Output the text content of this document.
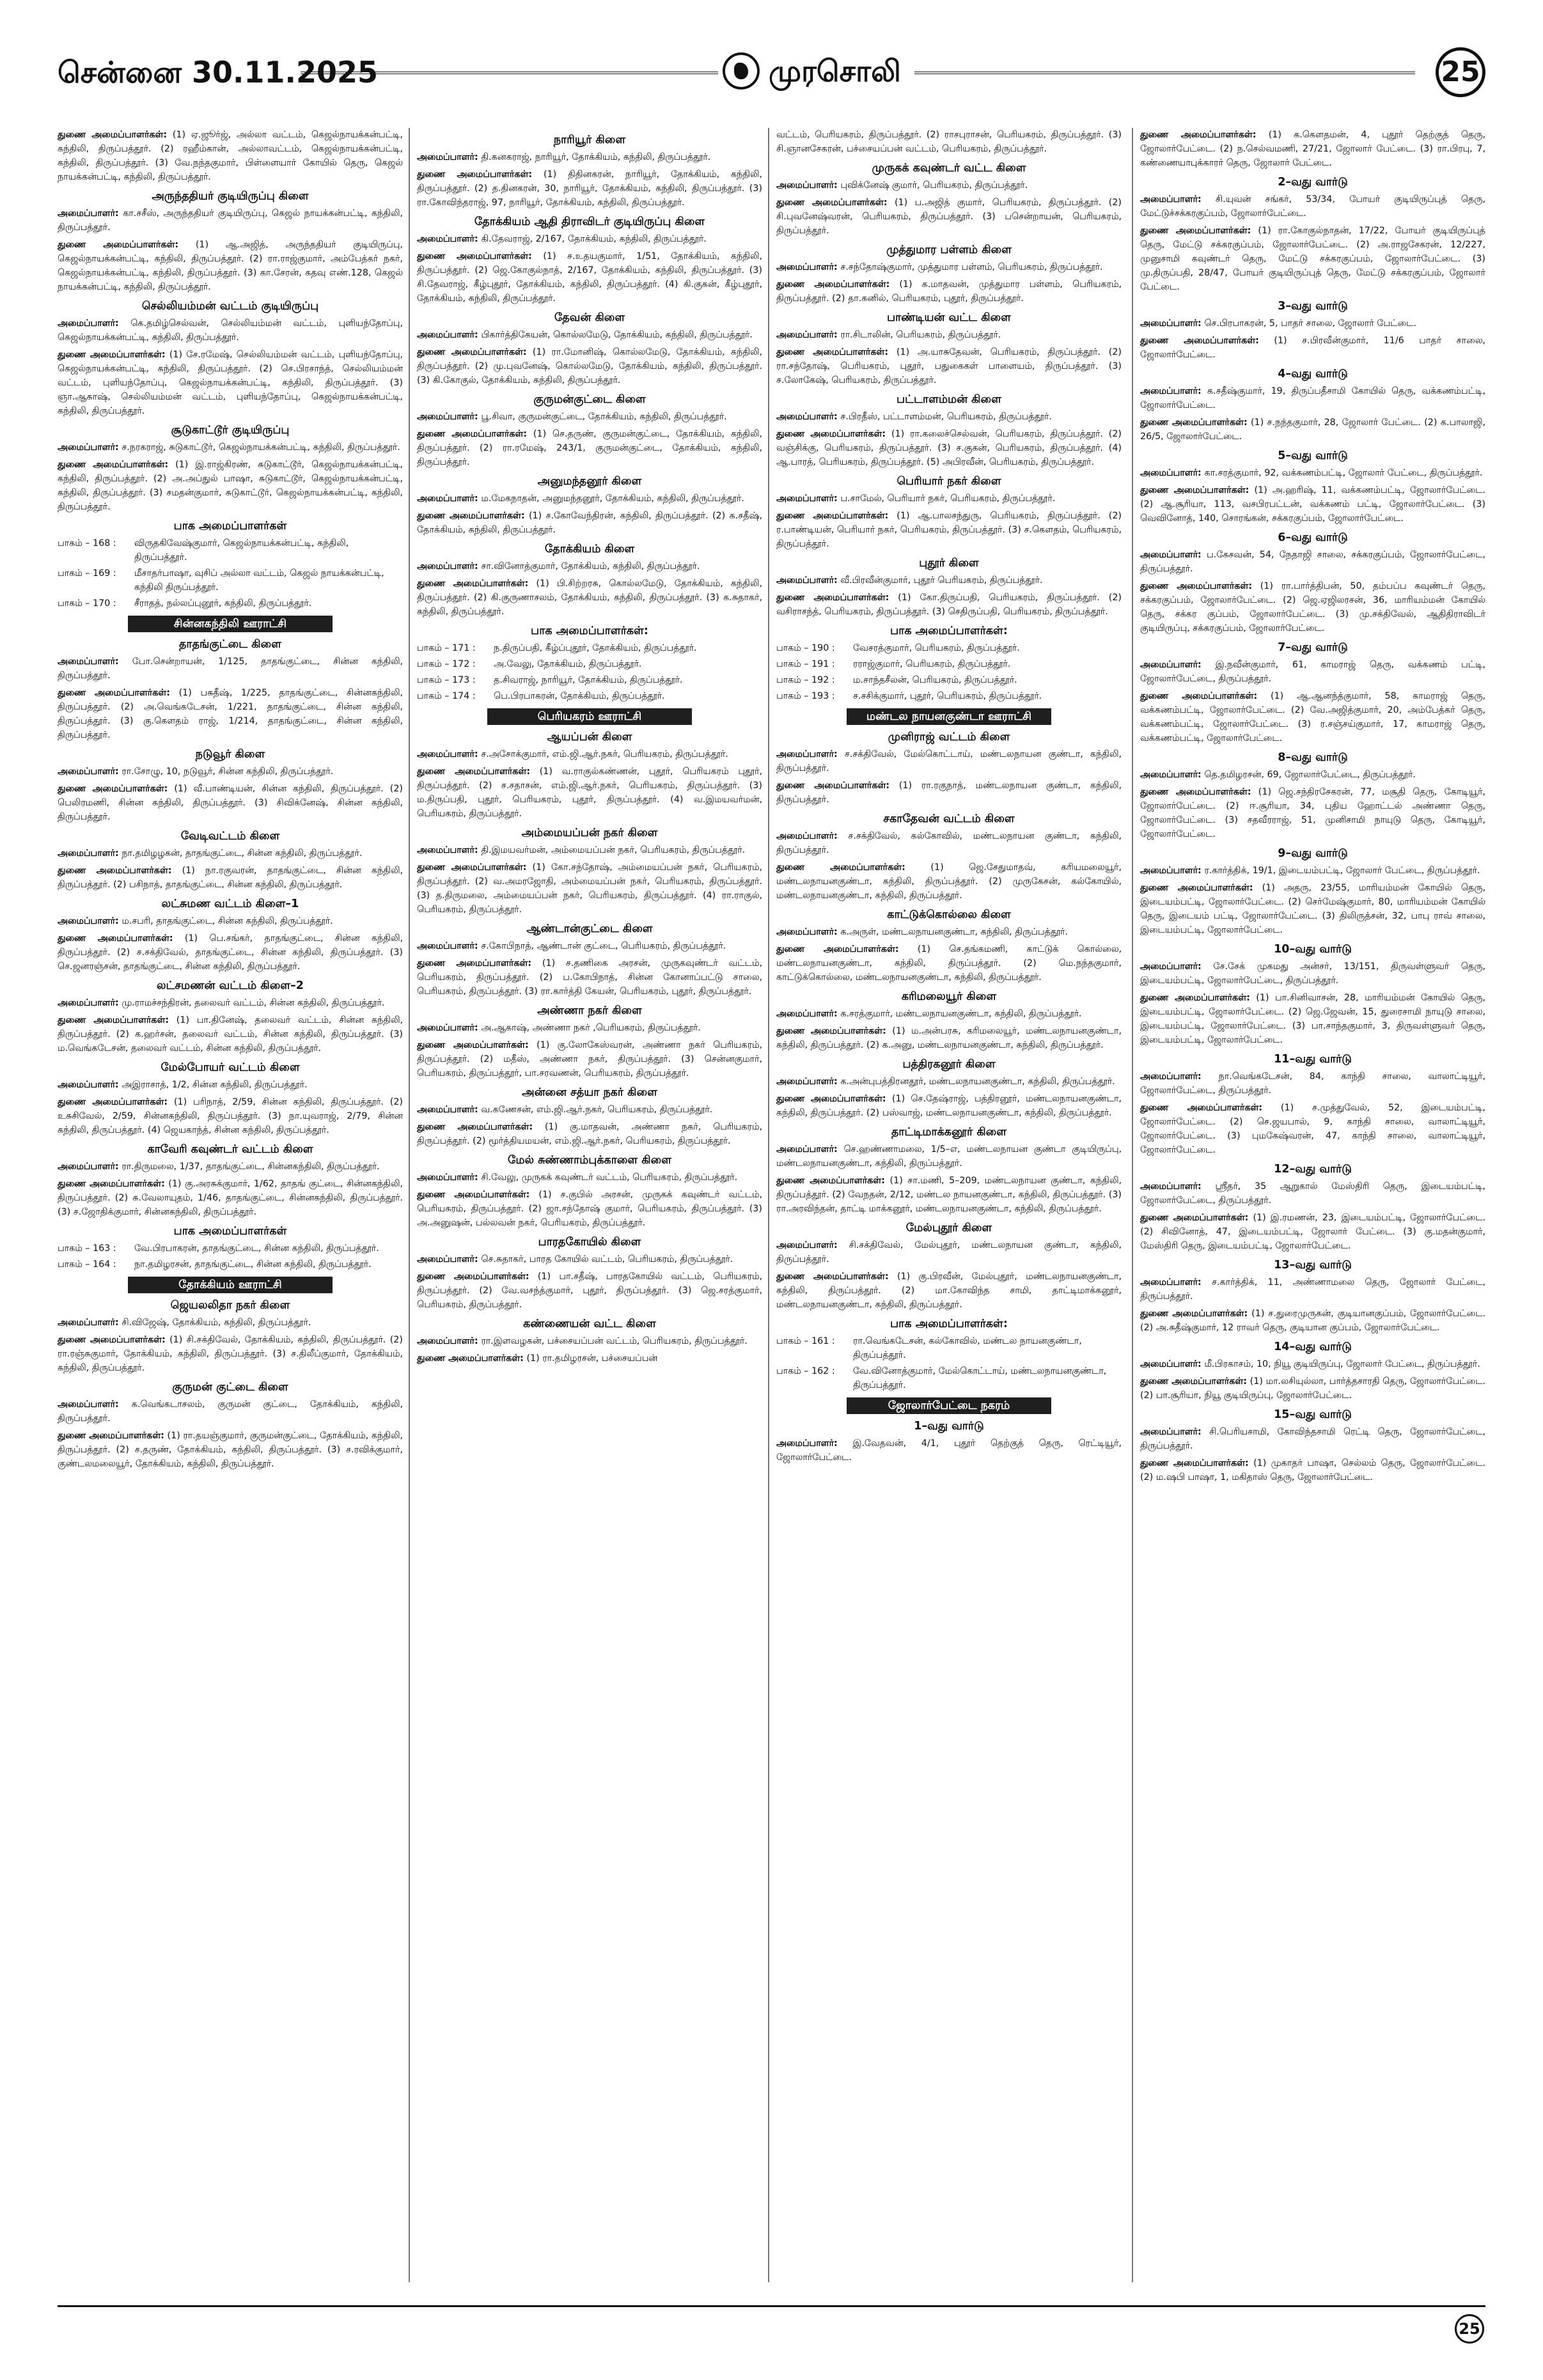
சென்னை 30.11.2025	முரசொலி	25
துணை அமைப்பாளர்கள்: (1) ஏ.ஜூர்ஜ், அல்லா வட்டம், கெஜல்நாயக்கன்பட்டி, கந்திலி, திருப்பத்தூர். (2) ரஹீம்கான், அல்லாவட்டம், கெஜல்நாயக்கன்பட்டி, கந்திலி, திருப்பத்தூர். (3) வே.நந்தகுமார், பிள்ளையார் கோயில் தெரு, கெஜல் நாயக்கன்பட்டி, கந்திலி, திருப்பத்தூர்.
அருந்ததியர் குடியிருப்பு கிளை
அமைப்பாளர்: கா.சசீஸ், அருந்ததியர் குடியிருப்பு, கெஜல் நாயக்கன்பட்டி, கந்திலி, திருப்பத்தூர்.
துணை அமைப்பாளர்கள்: (1) ஆ.அஜித், அருந்ததியர் குடியிருப்பு, கெஜல்நாயக்கன்பட்டி, கந்திலி, திருப்பத்தூர். (2) ரா.ராஜ்குமார், அம்பேத்கர் நகர், கெஜல்நாயக்கன்பட்டி, கந்திலி, திருப்பத்தூர். (3) கா.சேரன், கதவு எண்.128, கெஜல் நாயக்கன்பட்டி, கந்திலி, திருப்பத்தூர்.
செல்லியம்மன் வட்டம் குடியிருப்பு
அமைப்பாளர்: கெ.தமிழ்செல்வன், செல்லியம்மன் வட்டம், புளியந்தோப்பு, கெஜல்நாயக்கன்பட்டி, கந்திலி, திருப்பத்தூர்.
துணை அமைப்பாளர்கள்: (1) சே.ரமேஷ், செல்லியம்மன் வட்டம், புளியந்தோப்பு, கெஜல்நாயக்கன்பட்டி, கந்திலி, திருப்பத்தூர். (2) செ.பிரசாந்த், செல்லியம்மன் வட்டம், புளியந்தோப்பு, கெஜல்நாயக்கன்பட்டி, கந்திலி, திருப்பத்தூர். (3) ஞா.ஆகாஷ், செல்லியம்மன் வட்டம், புளியந்தோப்பு, கெஜல்நாயக்கன்பட்டி, கந்திலி, திருப்பத்தூர்.
சூடுகாட்டூர் குடியிருப்பு
அமைப்பாளர்: ச.நரகராஜ், சுடுகாட்டூர், கெஜல்நாயக்கன்பட்டி, கந்திலி, திருப்பத்தூர்.
துணை அமைப்பாளர்கள்: (1) இ.ராஜ்கிரண், சுடுகாட்டூர், கெஜல்நாயக்கன்பட்டி, கந்திலி, திருப்பத்தூர். (2) அ.அப்துல் பாஷா, சுடுகாட்டூர், கெஜல்நாயக்கன்பட்டி, கந்திலி, திருப்பத்தூர். (3) சமதன்குமார், சுடுகாட்டூர், கெஜல்நாயக்கன்பட்டி, கந்திலி, திருப்பத்தூர்.
பாக அமைப்பாளர்கள்
பாகம் – 168 :	விருதகிவேஷ்குமார், கெஜல்நாயக்கன்பட்டி, கந்திலி, திருப்பத்தூர்.
பாகம் – 169 :	மீசாதர்பாஷா, வுசிப் அல்லா வட்டம், கெஜல் நாயக்கன்பட்டி, கந்திலி திருப்பத்தூர்.
பாகம் – 170 :	சீராதத், நல்லப்புனூர், கந்திலி, திருப்பத்தூர்.
சின்னகந்திலி ஊராட்சி
தாதங்குட்டை கிளை
அமைப்பாளர்: போ.சென்றாயன், 1/125, தாதங்குட்டை, சின்ன கந்திலி, திருப்பத்தூர்.
துணை அமைப்பாளர்கள்: (1) பசுதீஷ், 1/225, தாதங்குட்டை, சின்னகந்திலி, திருப்பத்தூர். (2) அ.வெங்கடேசன், 1/221, தாதங்குட்டை, சின்ன கந்திலி, திருப்பத்தூர். (3) கு.கௌதம் ராஜ், 1/214, தாதங்குட்டை, சின்ன கந்திலி, திருப்பத்தூர்.
நடுவூர் கிளை
அமைப்பாளர்: ரா.சோழு, 10, நடுவூர், சின்ன கந்திலி, திருப்பத்தூர்.
துணை அமைப்பாளர்கள்: (1) வீ.பாண்டியன், சின்ன கந்திலி, திருப்பத்தூர். (2) பெலிரமணி, சின்ன கந்திலி, திருப்பத்தூர். (3) சிவிக்னேஷ், சின்ன கந்திலி, திருப்பத்தூர்.
வேடிவட்டம் கிளை
அமைப்பாளர்: நா.தமிழழகன், தாதங்குட்டை, சின்ன கந்திலி, திருப்பத்தூர்.
துணை அமைப்பாளர்கள்: (1) நா.ரகுவரன், தாதங்குட்டை, சின்ன கந்திலி, திருப்பத்தூர். (2) பசிநாத், தாதங்குட்டை, சின்ன கந்திலி, திருப்பத்தூர்.
லட்சுமண வட்டம் கிளை–1
அமைப்பாளர்: ம.சபரி, தாதங்குட்டை, சின்ன கந்திலி, திருப்பத்தூர்.
துணை அமைப்பாளர்கள்: (1) பெ.சங்கர், தாதங்குட்டை, சின்ன கந்திலி, திருப்பத்தூர். (2) ச.சக்திவேல், தாதங்குட்டை, சின்ன கந்திலி, திருப்பத்தூர். (3) செ.ஜனரஞ்சன், தாதங்குட்டை, சின்ன கந்திலி, திருப்பத்தூர்.
லட்சமணன் வட்டம் கிளை–2
அமைப்பாளர்: மு.ராமச்சந்திரன், தலைவர் வட்டம், சின்ன கந்திலி, திருப்பத்தூர்.
துணை அமைப்பாளர்கள்: (1) பா.தினேஷ், தலைவர் வட்டம், சின்ன கந்திலி, திருப்பத்தூர். (2) க.ஹர்சன், தலைவர் வட்டம், சின்ன கந்திலி, திருப்பத்தூர். (3) ம.வெங்கடேசன், தலைவர் வட்டம், சின்ன கந்திலி, திருப்பத்தூர்.
மேல்போயர் வட்டம் கிளை
அமைப்பாளர்: அஇராசாத், 1/2, சின்ன கந்திலி, திருப்பத்தூர்.
துணை அமைப்பாளர்கள்: (1) பரிநாத், 2/59, சின்ன கந்திலி, திருப்பத்தூர். (2) உசுசிவேல், 2/59, சின்னகந்திலி, திருப்பத்தூர். (3) நா.யுவராஜ், 2/79, சின்ன கந்திலி, திருப்பத்தூர். (4) ஜெயகாந்த், சின்ன கந்திலி, திருப்பத்தூர்.
காவேரி கவுண்டர் வட்டம் கிளை
அமைப்பாளர்: ரா.திருமலை, 1/37, தாதங்குட்டை, சின்னகந்திலி, திருப்பத்தூர்.
துணை அமைப்பாளர்கள்: (1) கு.அரசுக்குமார், 1/62, தாதங் குட்டை, சின்னகந்திலி, திருப்பத்தூர். (2) சு.வேலாயுதம், 1/46, தாதங்குட்டை, சின்னகந்திலி, திருப்பத்தூர். (3) ச.ஜோதிக்குமார், சின்னகந்திலி, திருப்பத்தூர்.
பாக அமைப்பாளர்கள்
பாகம் – 163 :	வே.பிரபாகரன், தாதங்குட்டை, சின்ன கந்திலி, திருப்பத்தூர்.
பாகம் – 164 :	நா.தமிழரசன், தாதங்குட்டை, சின்ன கந்திலி, திருப்பத்தூர்.
தோக்கியம் ஊராட்சி
ஜெயலலிதா நகர் கிளை
அமைப்பாளர்: சி.விஜேஷ், தோக்கியம், கந்திலி, திருப்பத்தூர்.
துணை அமைப்பாளர்கள்: (1) சி.சக்திவேல், தோக்கியம், கந்திலி, திருப்பத்தூர். (2) ரா.ரஞ்சுகுமார், தோக்கியம், கந்திலி, திருப்பத்தூர். (3) ச.திலீப்குமார், தோக்கியம், கந்திலி, திருப்பத்தூர்.
குருமன் குட்டை கிளை
அமைப்பாளர்: க.வெங்கடாசலம், குருமன் குட்டை, தோக்கியம், கந்திலி, திருப்பத்தூர்.
துணை அமைப்பாளர்கள்: (1) ரா.தயஞ்குமார், குருமன்குட்டை, தோக்கியம், கந்திலி, திருப்பத்தூர். (2) ச.தருண், தோக்கியம், கந்திலி, திருப்பத்தூர். (3) ச.ரவிக்குமார், குண்டலமலையூர், தோக்கியம், கந்திலி, திருப்பத்தூர்.
நாரியூர் கிளை
அமைப்பாளர்: தி.கனகராஜ், நாரியூர், தோக்கியம், கந்திலி, திருப்பத்தூர்.
துணை அமைப்பாளர்கள்: (1) திதினகரன், நாரியூர், தோக்கியம், கந்திலி, திருப்பத்தூர். (2) த.தினகரன், 30, நாரியூர், தோக்கியம், கந்திலி, திருப்பத்தூர். (3) ரா.கோவிந்தராஜ், 97, நாரியூர், தோக்கியம், கந்திலி, திருப்பத்தூர்.
தோக்கியம் ஆதி திராவிடர் குடியிருப்பு கிளை
அமைப்பாளர்: கி.தேவராஜ், 2/167, தோக்கியம், கந்திலி, திருப்பத்தூர்.
துணை அமைப்பாளர்கள்: (1) ச.உதயகுமார், 1/51, தோக்கியம், கந்திலி, திருப்பத்தூர். (2) ஜெ.கோகுல்நாத், 2/167, தோக்கியம், கந்திலி, திருப்பத்தூர். (3) சி.தேவராஜ், கீழ்புதூர், தோக்கியம், கந்திலி, திருப்பத்தூர். (4) கி.குகன், கீழ்புதூர், தோக்கியம், கந்திலி, திருப்பத்தூர்.
தேவன் கிளை
அமைப்பாளர்: பிகார்த்திகேயன், கொல்லமேடு, தோக்கியம், கந்திலி, திருப்பத்தூர்.
துணை அமைப்பாளர்கள்: (1) ரா.மோனிஷ், கொல்லமேடு, தோக்கியம், கந்திலி, திருப்பத்தூர். (2) மு.புவனேஷ், கொல்லமேடு, தோக்கியம், கந்திலி, திருப்பத்தூர். (3) கி.கோகுல், தோக்கியம், கந்திலி, திருப்பத்தூர்.
குருமன்குட்டை கிளை
அமைப்பாளர்: பூ.சிவா, குருமன்குட்டை, தோக்கியம், கந்திலி, திருப்பத்தூர்.
துணை அமைப்பாளர்கள்: (1) செ.தருண், குருமன்குட்டை, தோக்கியம், கந்திலி, திருப்பத்தூர். (2) ரா.ரமேஷ், 243/1, குருமன்குட்டை, தோக்கியம், கந்திலி, திருப்பத்தூர்.
அனுமந்தனூர் கிளை
அமைப்பாளர்: ம.மேகநாதன், அனுமந்தனூர், தோக்கியம், கந்திலி, திருப்பத்தூர்.
துணை அமைப்பாளர்கள்: (1) ச.கோவேந்திரன், கந்திலி, திருப்பத்தூர். (2) க.சதீஷ், தோக்கியம், கந்திலி, திருப்பத்தூர்.
தோக்கியம் கிளை
அமைப்பாளர்: சா.வினோத்குமார், தோக்கியம், கந்திலி, திருப்பத்தூர்.
துணை அமைப்பாளர்கள்: (1) பி.சிற்றரசு, கொல்லமேடு, தோக்கியம், கந்திலி, திருப்பத்தூர். (2) கி.குருணாசலம், தோக்கியம், கந்திலி, திருப்பத்தூர். (3) க.சுதாகர், கந்திலி, திருப்பத்தூர்.
பாக அமைப்பாளர்கள்:
பாகம் – 171 :	ந.திருப்பதி, கீழ்ப்புதூர், தோக்கியம், திருப்பத்தூர்.
பாகம் – 172 :	அ.வேலு, தோக்கியம், திருப்பத்தூர்.
பாகம் – 173 :	த.சிவராஜ், நாரியூர், தோக்கியம், திருப்பத்தூர்.
பாகம் – 174 :	பெ.பிரபாகரன், தோக்கியம், திருப்பத்தூர்.
பெரியகரம் ஊராட்சி
ஆயப்பன் கிளை
அமைப்பாளர்: ச.அசோக்குமார், எம்.ஜி.ஆர்.நகர், பெரியகரம், திருப்பத்தூர்.
துணை அமைப்பாளர்கள்: (1) வ.ராகுல்கண்ணன், புதூர், பெரியகரம் புதூர், திருப்பத்தூர். (2) ச.சதாசன், எம்.ஜி.ஆர்.நகர், பெரியகரம், திருப்பத்தூர். (3) ம.திருப்பதி, புதூர், பெரியகரம், புதூர், திருப்பத்தூர். (4) வ.இமயவர்மன், பெரியகரம், திருப்பத்தூர்.
அம்மையப்பன் நகர் கிளை
அமைப்பாளர்: தி.இமயவர்மன், அம்மையப்பன் நகர், பெரியகரம், திருப்பத்தூர்.
துணை அமைப்பாளர்கள்: (1) கோ.சந்தோஷ், அம்மையப்பன் நகர், பெரியகரம், திருப்பத்தூர். (2) வ.அமரஜோதி, அம்மையப்பன் நகர், பெரியகரம், திருப்பத்தூர். (3) த.திருமலை, அம்மையப்பன் நகர், பெரியகரம், திருப்பத்தூர். (4) ரா.ராகுல், பெரியகரம், திருப்பத்தூர்.
ஆண்டான்குட்டை கிளை
அமைப்பாளர்: ச.கோபிநாத், ஆண்டான் குட்டை, பெரியகரம், திருப்பத்தூர்.
துணை அமைப்பாளர்கள்: (1) ச.தணிகை அரசன், முருகவுண்டர் வட்டம், பெரியகரம், திருப்பத்தூர். (2) ப.கோபிநாத், சின்ன கோனாப்பட்டு சாலை, பெரியகரம், திருப்பத்தூர். (3) ரா.கார்த்தி கேயன், பெரியகரம், புதூர், திருப்பத்தூர்.
அண்ணா நகர் கிளை
அமைப்பாளர்: அ.ஆகாஷ், அண்ணா நகர் ,பெரியகரம், திருப்பத்தூர்.
துணை அமைப்பாளர்கள்: (1) கு.லோகேஸ்வரன், அண்ணா நகர் பெரியகரம், திருப்பத்தூர். (2) மதீஸ், அண்ணா நகர், திருப்பத்தூர். (3) சென்னகுமார், பெரியகரம், திருப்பத்தூர், பா.சரவணன், பெரியகரம், திருப்பத்தூர்.
அன்னை சத்யா நகர் கிளை
அமைப்பாளர்: வ.கணேசன், எம்.ஜி.ஆர்.நகர், பெரியகரம், திருப்பத்தூர்.
துணை அமைப்பாளர்கள்: (1) கு.மாதவன், அண்ணா நகர், பெரியகரம், திருப்பத்தூர். (2) மூர்த்தியமயன், எம்.ஜி.ஆர்.நகர், பெரியகரம், திருப்பத்தூர்.
மேல் சுண்ணாம்புக்காளை கிளை
அமைப்பாளர்: சி.வேலு, முருகக் கவுண்டர் வட்டம், பெரியகரம், திருப்பத்தூர்.
துணை அமைப்பாளர்கள்: (1) ச.குபில் அரசன், முருகக் கவுண்டர் வட்டம், பெரியகரம், திருப்பத்தூர். (2) ஜா.சந்தோஷ் குமார், பெரியகரம், திருப்பத்தூர். (3) அ.அனுஷன், பல்லவன் நகர், பெரியகரம், திருப்பத்தூர்.
பாரதகோயில் கிளை
அமைப்பாளர்: செ.சுதாகர், பாரத கோயில் வட்டம், பெரியகரம், திருப்பத்தூர்.
துணை அமைப்பாளர்கள்: (1) பா.சதீஷ், பாரதகோயில் வட்டம், பெரியகரம், திருப்பத்தூர். (2) வே.வசந்த்குமார், புதூர், திருப்பத்தூர். (3) ஜெ.சரத்குமார், பெரியகரம், திருப்பத்தூர்.
கண்ணையன் வட்ட கிளை
அமைப்பாளர்: ரா.இளவழகன், பச்சையப்பன் வட்டம், பெரியகரம், திருப்பத்தூர்.
துணை அமைப்பாளர்கள்: (1) ரா.தமிழரசன், பச்சையப்பன்
வட்டம், பெரியகரம், திருப்பத்தூர். (2) ராசபுராசன், பெரியகரம், திருப்பத்தூர். (3) சி.ஞானசேகரன், பச்சையப்பன் வட்டம், பெரியகரம், திருப்பத்தூர்.
முருகக் கவுண்டர் வட்ட கிளை
அமைப்பாளர்: புவிக்னேஷ் குமார், பெரியகரம், திருப்பத்தூர்.
துணை அமைப்பாளர்கள்: (1) ப.அஜித் குமார், பெரியகரம், திருப்பத்தூர். (2) சி.புவனேஷ்வரன், பெரியகரம், திருப்பத்தூர். (3) பசென்றாயன், பெரியகரம், திருப்பத்தூர்.
முத்துமார பள்ளம் கிளை
அமைப்பாளர்: ச.சந்தோஷ்குமார், முத்துமார பள்ளம், பெரியகரம், திருப்பத்தூர்.
துணை அமைப்பாளர்கள்: (1) க.மாதவன், முத்துமார பள்ளம், பெரியகரம், திருப்பத்தூர். (2) தா.கனில், பெரியகரம், புதூர், திருப்பத்தூர்.
பாண்டியன் வட்ட கிளை
அமைப்பாளர்: ரா.சிடாலின், பெரியகரம், திருப்பத்தூர்.
துணை அமைப்பாளர்கள்: (1) அ.யாசுதேவன், பெரியகரம், திருப்பத்தூர். (2) ரா.சந்தோஷ், பெரியகரம், புதூர், பதுகைகள் பாளையம், திருப்பத்தூர். (3) ச.லோகேஷ், பெரியகரம், திருப்பத்தூர்.
பட்டாளம்மன் கிளை
அமைப்பாளர்: ச.பிரதீஸ், பட்டாளம்மன், பெரியகரம், திருப்பத்தூர்.
துணை அமைப்பாளர்கள்: (1) ரா.கலைச்செல்வன், பெரியகரம், திருப்பத்தூர். (2) வஞ்சிக்கு, பெரியகரம், திருப்பத்தூர். (3) ச.குகன், பெரியகரம், திருப்பத்தூர். (4) ஆ.பாரத், பெரியகரம், திருப்பத்தூர். (5) அபிரவீன், பெரியகரம், திருப்பத்தூர்.
பெரியார் நகர் கிளை
அமைப்பாளர்: ப.சாமேல், பெரியார் நகர், பெரியகரம், திருப்பத்தூர்.
துணை அமைப்பாளர்கள்: (1) ஆ.பாலசந்துரு, பெரியகரம், திருப்பத்தூர். (2) ர.பாண்டியன், பெரியார் நகர், பெரியகரம், திருப்பத்தூர். (3) ச.கௌதம், பெரியகரம், திருப்பத்தூர்.
புதூர் கிளை
அமைப்பாளர்: வீ.பிரவீன்குமார், புதூர் பெரியகரம், திருப்பத்தூர்.
துணை அமைப்பாளர்கள்: (1) கோ.திருப்பதி, பெரியகரம், திருப்பத்தூர். (2) வசிராசந்த், பெரியகரம், திருப்பத்தூர். (3) செதிருப்பதி, பெரியகரம், திருப்பத்தூர்.
பாக அமைப்பாளர்கள்:
பாகம் – 190 :	வேசரத்குமார், பெரியகரம், திருப்பத்தூர்.
பாகம் – 191 :	ரராஜ்குமார், பெரியகரம், திருப்பத்தூர்.
பாகம் – 192 :	ம.சாந்தசீலன், பெரியகரம், திருப்பத்தூர்.
பாகம் – 193 :	ச.சசிக்குமார், புதூர், பெரியகரம், திருப்பத்தூர்.
மண்டல நாயனகுண்டா ஊராட்சி
முனிராஜ் வட்டம் கிளை
அமைப்பாளர்: ச.சக்திவேல், மேல்கொட்டாய், மண்டலநாயன குண்டா, கந்திலி, திருப்பத்தூர்.
துணை அமைப்பாளர்கள்: (1) ரா.ரகுநாத், மண்டலநாயன குண்டா, கந்திலி, திருப்பத்தூர்.
சகாதேவன் வட்டம் கிளை
அமைப்பாளர்: ச.சக்திவேல், கல்கோவில், மண்டலநாயன குண்டா, கந்திலி, திருப்பத்தூர்.
துணை அமைப்பாளர்கள்:	(1) ஜெ.சேதுமாதவ், கரியமலையூர், மண்டலநாயனகுண்டா, கந்திலி, திருப்பத்தூர். (2) முருகேசன், கல்கோயில், மண்டலநாயனகுண்டா, கந்திலி, திருப்பத்தூர்.
காட்டுக்கொல்லை கிளை
அமைப்பாளர்: க.அருள், மண்டலநாயனகுண்டா, கந்திலி, திருப்பத்தூர்.
துணை அமைப்பாளர்கள்: (1) செ.தங்கமணி, காட்டுக் கொல்லை, மண்டலநாயனகுண்டா, கந்திலி, திருப்பத்தூர். (2) மெ.நந்தகுமார், காட்டுக்கொல்லை, மண்டலநாயனகுண்டா, கந்திலி, திருப்பத்தூர்.
கரிமலையூர் கிளை
அமைப்பாளர்: க.சரத்குமார், மண்டலநாயனகுண்டா, கந்திலி, திருப்பத்தூர்.
துணை அமைப்பாளர்கள்: (1) ம.அன்பரசு, கரிமலையூர், மண்டலநாயனகுண்டா, கந்திலி, திருப்பத்தூர். (2) க.அனு, மண்டலநாயனகுண்டா, கந்திலி, திருப்பத்தூர்.
பத்திரகனூர் கிளை
அமைப்பாளர்: க.அன்புபத்திரனதூர், மண்டலநாயனகுண்டா, கந்திலி, திருப்பத்தூர்.
துணை அமைப்பாளர்கள்: (1) செ.தேஷ்ராஜ், பத்திரனூர், மண்டலநாயனகுண்டா, கந்திலி, திருப்பத்தூர். (2) பஸ்வாஜ், மண்டலநாயனகுண்டா, கந்திலி, திருப்பத்தூர்.
தாட்டிமாக்கனூர் கிளை
அமைப்பாளர்: செ.ஹண்ணாமலை, 1/5–எ, மண்டலநாயன குண்டா குடியிருப்பு, மண்டலநாயனகுண்டா, கந்திலி, திருப்பத்தூர்.
துணை அமைப்பாளர்கள்: (1) சா.மணி, 5–209, மண்டலநாயன குண்டா, கந்திலி, திருப்பத்தூர். (2) வேநதன், 2/12, மண்டல நாயனகுண்டா, கந்திலி, திருப்பத்தூர். (3) ரா.அரவிந்தன், தாட்டி மாக்கனூர், மண்டலநாயனகுண்டா, கந்திலி, திருப்பத்தூர்.
மேல்புதூர் கிளை
அமைப்பாளர்: சி.சக்திவேல், மேல்புதூர், மண்டலநாயன குண்டா, கந்திலி, திருப்பத்தூர்.
துணை அமைப்பாளர்கள்: (1) கு.பிரவீன், மேல்புதூர், மண்டலநாயனகுண்டா, கந்திலி, திருப்பத்தூர். (2) மா.கோவிந்த சாமி, தாட்டிமாக்கனூர், மண்டலநாயனகுண்டா, கந்திலி, திருப்பத்தூர்.
பாக அமைப்பாளர்கள்:
பாகம் – 161 :	ரா.வெங்கடேசன், கல்கோவில், மண்டல நாயனகுண்டா, திருப்பத்தூர்.
பாகம் – 162 :	வே.வினோத்குமார், மேல்கொட்டாய், மண்டலநாயனகுண்டா, திருப்பத்தூர்.
ஜோலார்பேட்டை நகரம்
1–வது வார்டு
அமைப்பாளர்: இ.வேதவன், 4/1, புதூர் தெற்குத் தெரு, ரெட்டியூர், ஜோலார்பேட்டை.
துணை அமைப்பாளர்கள்: (1) க.கௌதமன், 4, புதூர் தெற்குத் தெரு, ஜோலார்பேட்டை. (2) ந.செல்வமணி, 27/21, ஜோலார் பேட்டை. (3) ரா.பிரபு, 7, கண்ணையாபுக்காரர் தெரு, ஜோலார் பேட்டை.
2–வது வார்டு
அமைப்பாளர்: சி.யுவன் சங்கர், 53/34, போயர் குடியிருப்புத் தெரு, மேட்டுச்சக்கரகுப்பம், ஜோலார்பேட்டை.
துணை அமைப்பாளர்கள்: (1) ரா.கோகுல்நாதன், 17/22, போயர் குடியிருப்புத் தெரு, மேட்டு சக்கரகுப்பம், ஜோலார்பேட்டை. (2) அ.ராஜசேகரன், 12/227, முனுசாமி கவுண்டர் தெரு, மேட்டு சக்கரகுப்பம், ஜோலார்பேட்டை. (3) மு.திருப்பதி, 28/47, போயர் குடியிருப்புத் தெரு, மேட்டு சக்கரகுப்பம், ஜோலார் பேட்டை.
3–வது வார்டு
அமைப்பாளர்: செ.பிரபாகரன், 5, பாதர் சாலை, ஜோலார் பேட்டை.
துணை அமைப்பாளர்கள்: (1) ச.பிரவீன்குமார், 11/6 பாதர் சாலை, ஜோலார்பேட்டை.
4–வது வார்டு
அமைப்பாளர்: க.சதீஷ்குமார், 19, திருப்பதீசாமி கோயில் தெரு, வக்கணம்பட்டி, ஜோலார்பேட்டை.
துணை அமைப்பாளர்கள்: (1) ச.நந்தகுமார், 28, ஜோலார் பேட்டை. (2) க.பாலாஜி, 26/5, ஜோலார்பேட்டை.
5–வது வார்டு
அமைப்பாளர்: கா.சரத்குமார், 92, வக்கணம்பட்டி, ஜோலார் பேட்டை, திருப்பத்தூர்.
துணை அமைப்பாளர்கள்: (1) அ.ஹரிஷ், 11, வக்கணம்பட்டி, ஜோலார்பேட்டை. (2) ஆ.சூரியா, 113, வசபிரபட்டன், வக்கணம் பட்டி, ஜோலார்பேட்டை. (3) வெவினோத், 140, சொரங்கன், சக்கரகுப்பம், ஜோலார்பேட்டை.
6–வது வார்டு
அமைப்பாளர்: ப.கேசவன், 54, நேதாஜி சாலை, சக்கரகுப்பம், ஜோலார்பேட்டை, திருப்பத்தூர்.
துணை அமைப்பாளர்கள்: (1) ரா.பார்த்திபன், 50, தம்பப்ப கவுண்டர் தெரு, சக்கரகுப்பம், ஜோலார்பேட்டை. (2) ஜெ.ஏஜிலரசன், 36, மாரியம்மன் கோயில் தெரு, சக்கர குப்பம், ஜோலார்பேட்டை. (3) மு.சக்திவேல், ஆதிதிராவிடர் குடியிருப்பு, சக்கரகுப்பம், ஜோலார்பேட்டை.
7–வது வார்டு
அமைப்பாளர்: இ.நவீன்குமார், 61, காமராஜ் தெரு, வக்கணம் பட்டி, ஜோலார்பேட்டை, திருப்பத்தூர்.
துணை அமைப்பாளர்கள்: (1) ஆ.ஆனந்த்குமார், 58, காமராஜ் தெரு, வக்கணம்பட்டி, ஜோலார்பேட்டை. (2) வே.அஜித்குமார், 20, அம்பேத்கர் தெரு, வக்கணம்பட்டி, ஜோலார்பேட்டை. (3) ர.சஞ்சய்குமார், 17, காமராஜ் தெரு, வக்கணம்பட்டி, ஜோலார்பேட்டை.
8–வது வார்டு
அமைப்பாளர்: தெ.தமிழரசன், 69, ஜோலார்பேட்டை, திருப்பத்தூர்.
துணை அமைப்பாளர்கள்: (1) ஜெ.சந்திரசேகரன், 77, மசூதி தெரு, கோடியூர், ஜோலார்பேட்டை. (2) ஈ.சூரியா, 34, புதிய ஹோட்டல் அண்ணா தெரு, ஜோலார்பேட்டை. (3) சதவீரராஜ், 51, முனிசாமி நாயுடு தெரு, கோடியூர், ஜோலார்பேட்டை.
9–வது வார்டு
அமைப்பாளர்: ர.கார்த்திக், 19/1, இடையம்பட்டி, ஜோலார் பேட்டை, திருப்பத்தூர்.
துணை அமைப்பாளர்கள்: (1) அதரு, 23/55, மாரியம்மன் கோயில் தெரு, இடையம்பட்டி, ஜோலார்பேட்டை. (2) செர்மேஷ்குமார், 80, மாரியம்மன் கோயில் தெரு, இடையம் பட்டி, ஜோலார்பேட்டை. (3) திலிருத்சன், 32, பாபு ராவ் சாலை, இடையம்பட்டி, ஜோலார்பேட்டை.
10–வது வார்டு
அமைப்பாளர்: சே.சேக் முகமது அன்சர், 13/151, திருவள்ளுவர் தெரு, இடையம்பட்டி, ஜோலார்பேட்டை, திருப்பத்தூர்.
துணை அமைப்பாளர்கள்: (1) பா.சினிவாசன், 28, மாரியம்மன் கோயில் தெரு, இடையம்பட்டி, ஜோலார்பேட்டை. (2) ஜெ.ஜேவன், 15, துரைசாமி நாயுடு சாலை, இடையம்பட்டி, ஜோலார்பேட்டை. (3) பா.சாந்தகுமார், 3, திருவள்ளுவர் தெரு, இடையம்பட்டி, ஜோலார்பேட்டை.
11–வது வார்டு
அமைப்பாளர்: நா.வெங்கடேசன், 84, காந்தி சாலை, வாலாட்டியூர், ஜோலார்பேட்டை, திருப்பத்தூர்.
துணை அமைப்பாளர்கள்: (1) ச.முத்துவேல், 52, இடையம்பட்டி, ஜோலார்பேட்டை. (2) செ.ஜயபால், 9, காந்தி சாலை, வாலாட்டியூர், ஜோலார்பேட்டை. (3) புமகேஷ்வரன், 47, காந்தி சாலை, வாலாட்டியூர், ஜோலார்பேட்டை.
12–வது வார்டு
அமைப்பாளர்: ஸ்ரீதர், 35 ஆறுகால் மேஸ்திரி தெரு, இடையம்பட்டி, ஜோலார்பேட்டை, திருப்பத்தூர்.
துணை அமைப்பாளர்கள்: (1) இ.ரமணன், 23, இடையம்பட்டி, ஜோலார்பேட்டை. (2) சிவினோத், 47, இடையம்பட்டி, ஜோலார் பேட்டை. (3) கு.மதன்குமார், மேஸ்திரி தெரு, இடையம்பட்டி, ஜோலார்பேட்டை.
13–வது வார்டு
அமைப்பாளர்: ச.கார்த்திக், 11, அண்ணாமலை தெரு, ஜோலார் பேட்டை, திருப்பத்தூர்.
துணை அமைப்பாளர்கள்: (1) ச.துரைமுருகன், குடியானகுப்பம், ஜோலார்பேட்டை. (2) அ.சுதீஷ்குமார், 12 ராவர் தெரு, குடியான குப்பம், ஜோலார்பேட்டை.
14–வது வார்டு
அமைப்பாளர்: மீ.பிரகாசம், 10, நியூ குடியிருப்பு, ஜோலார் பேட்டை, திருப்பத்தூர்.
துணை அமைப்பாளர்கள்: (1) மா.லசியுல்லா, பார்த்தசாரதி தெரு, ஜோலார்பேட்டை. (2) பா.சூரியா, நியூ குடியிருப்பு, ஜோலார்பேட்டை.
15–வது வார்டு
அமைப்பாளர்: சி.பெரியசாமி, கோவிந்தசாமி ரெட்டி தெரு, ஜோலார்பேட்டை, திருப்பத்தூர்.
துணை அமைப்பாளர்கள்: (1) முகாதர் பாஷா, செல்லம் தெரு, ஜோலார்பேட்டை. (2) ம.ஷபி பாஷா, 1, மகிதாஸ் தெரு, ஜோலார்பேட்டை.
25
